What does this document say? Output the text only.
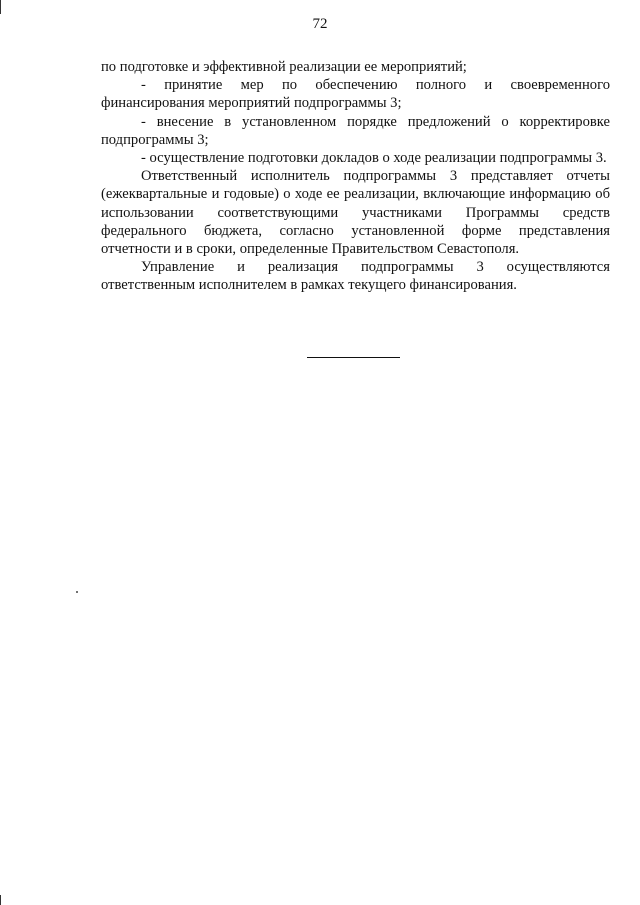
72

по подготовке и эффективной реализации ее мероприятий;

- принятие мер по обеспечению полного и своевременного финансирования мероприятий подпрограммы 3;

- внесение в установленном порядке предложений о корректировке подпрограммы 3;

- осуществление подготовки докладов о ходе реализации подпрограммы 3.

Ответственный исполнитель подпрограммы 3 представляет отчеты (ежеквартальные и годовые) о ходе ее реализации, включающие информацию об использовании соответствующими участниками Программы средств федерального бюджета, согласно установленной форме представления отчетности и в сроки, определенные Правительством Севастополя.

Управление и реализация подпрограммы 3 осуществляются ответственным исполнителем в рамках текущего финансирования.
